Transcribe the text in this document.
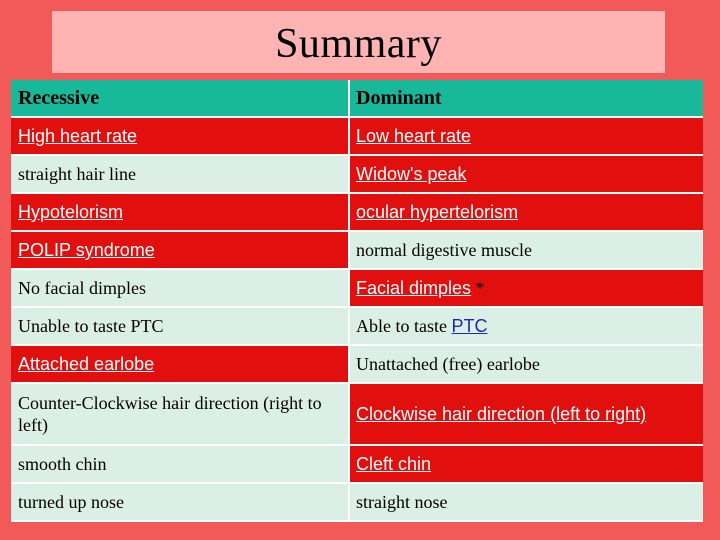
Summary
Recessive	Dominant
High heart rate	Low heart rate
straight hair line	Widow's peak
Hypotelorism	ocular hypertelorism
POLIP syndrome	normal digestive muscle
No facial dimples	Facial dimples *
Unable to taste PTC	Able to taste PTC
Attached earlobe	Unattached (free) earlobe
Counter-Clockwise hair direction (right to left)	Clockwise hair direction (left to right)
smooth chin	Cleft chin
turned up nose	straight nose
